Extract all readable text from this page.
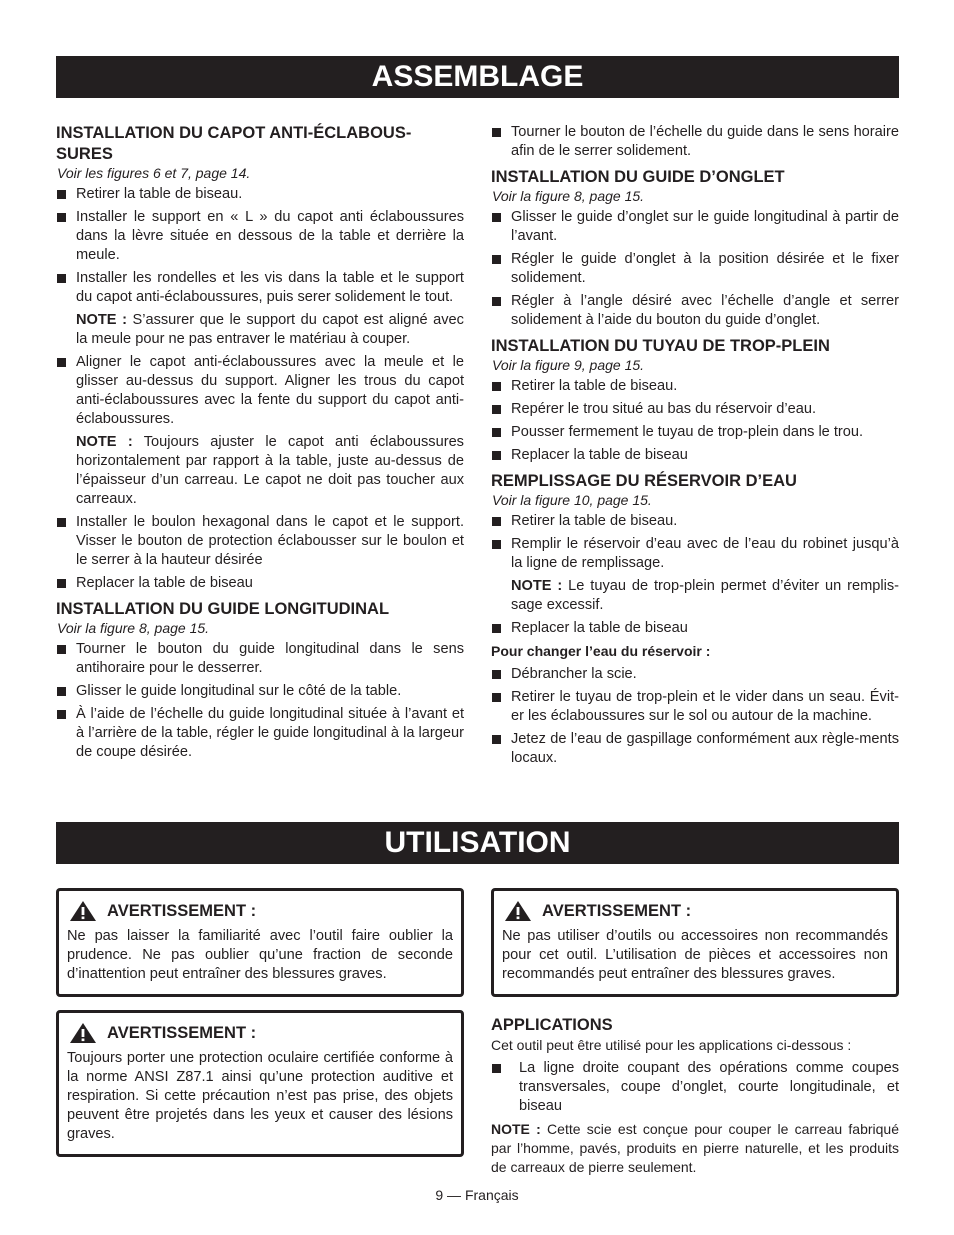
ASSEMBLAGE
INSTALLATION DU CAPOT ANTI-ÉCLABOUS-SURES
Voir les figures 6 et 7, page 14.
Retirer la table de biseau.
Installer le support en « L » du capot anti éclaboussures dans la lèvre située en dessous de la table et derrière la meule.
Installer les rondelles et les vis dans la table et le support du capot anti-éclaboussures, puis serer solidement le tout.

NOTE : S’assurer que le support du capot est aligné avec la meule pour ne pas entraver le matériau à couper.

Aligner le capot anti-éclaboussures avec la meule et le glisser au-dessus du support. Aligner les trous du capot anti-éclaboussures avec la fente du support du capot anti-éclaboussures.

NOTE : Toujours ajuster le capot anti éclaboussures horizontalement par rapport à la table, juste au-dessus de l’épaisseur d’un carreau. Le capot ne doit pas toucher aux carreaux.

Installer le boulon hexagonal dans le capot et le support. Visser le bouton de protection éclabousser sur le boulon et le serrer à la hauteur désirée
Replacer la table de biseau
INSTALLATION DU GUIDE LONGITUDINAL
Voir la figure 8, page 15.
Tourner le bouton du guide longitudinal dans le sens antihoraire pour le desserrer.
Glisser le guide longitudinal sur le côté de la table.
À l’aide de l’échelle du guide longitudinal située à l’avant et à l’arrière de la table, régler le guide longitudinal à la largeur de coupe désirée.
Tourner le bouton de l’échelle du guide dans le sens horaire afin de le serrer solidement.
INSTALLATION DU GUIDE D’ONGLET
Voir la figure 8, page 15.
Glisser le guide d’onglet sur le guide longitudinal à partir de l’avant.
Régler le guide d’onglet à la position désirée et le fixer solidement.
Régler à l’angle désiré avec l’échelle d’angle et serrer solidement à l’aide du bouton du guide d’onglet.
INSTALLATION DU TUYAU DE TROP-PLEIN
Voir la figure 9, page 15.
Retirer la table de biseau.
Repérer le trou situé au bas du réservoir d’eau.
Pousser fermement le tuyau de trop-plein dans le trou.
Replacer la table de biseau
REMPLISSAGE DU RÉSERVOIR D’EAU
Voir la figure 10, page 15.
Retirer la table de biseau.
Remplir le réservoir d’eau avec de l’eau du robinet jusqu’à la ligne de remplissage.

NOTE : Le tuyau de trop-plein permet d’éviter un remplis-sage excessif.

Replacer la table de biseau

Pour changer l’eau du réservoir :

Débrancher la scie.
Retirer le tuyau de trop-plein et le vider dans un seau. Évit-er les éclaboussures sur le sol ou autour de la machine.
Jetez de l’eau de gaspillage conformément aux règle-ments locaux.
UTILISATION
AVERTISSEMENT :

Ne pas laisser la familiarité avec l’outil faire oublier la prudence. Ne pas oublier qu’une fraction de seconde d’inattention peut entraîner des blessures graves.

AVERTISSEMENT :

Toujours porter une protection oculaire certifiée conforme à la norme ANSI Z87.1 ainsi qu’une protection auditive et respiration. Si cette précaution n’est pas prise, des objets peuvent être projetés dans les yeux et causer des lésions graves.

AVERTISSEMENT :

Ne pas utiliser d’outils ou accessoires non recommandés pour cet outil. L’utilisation de pièces et accessoires non recommandés peut entraîner des blessures graves.

APPLICATIONS

Cet outil peut être utilisé pour les applications ci-dessous :

La ligne droite coupant des opérations comme coupes transversales, coupe d’onglet, courte longitudinale, et biseau

NOTE : Cette scie est conçue pour couper le carreau fabriqué par l’homme, pavés, produits en pierre naturelle, et les produits de carreaux de pierre seulement.

9 — Français
